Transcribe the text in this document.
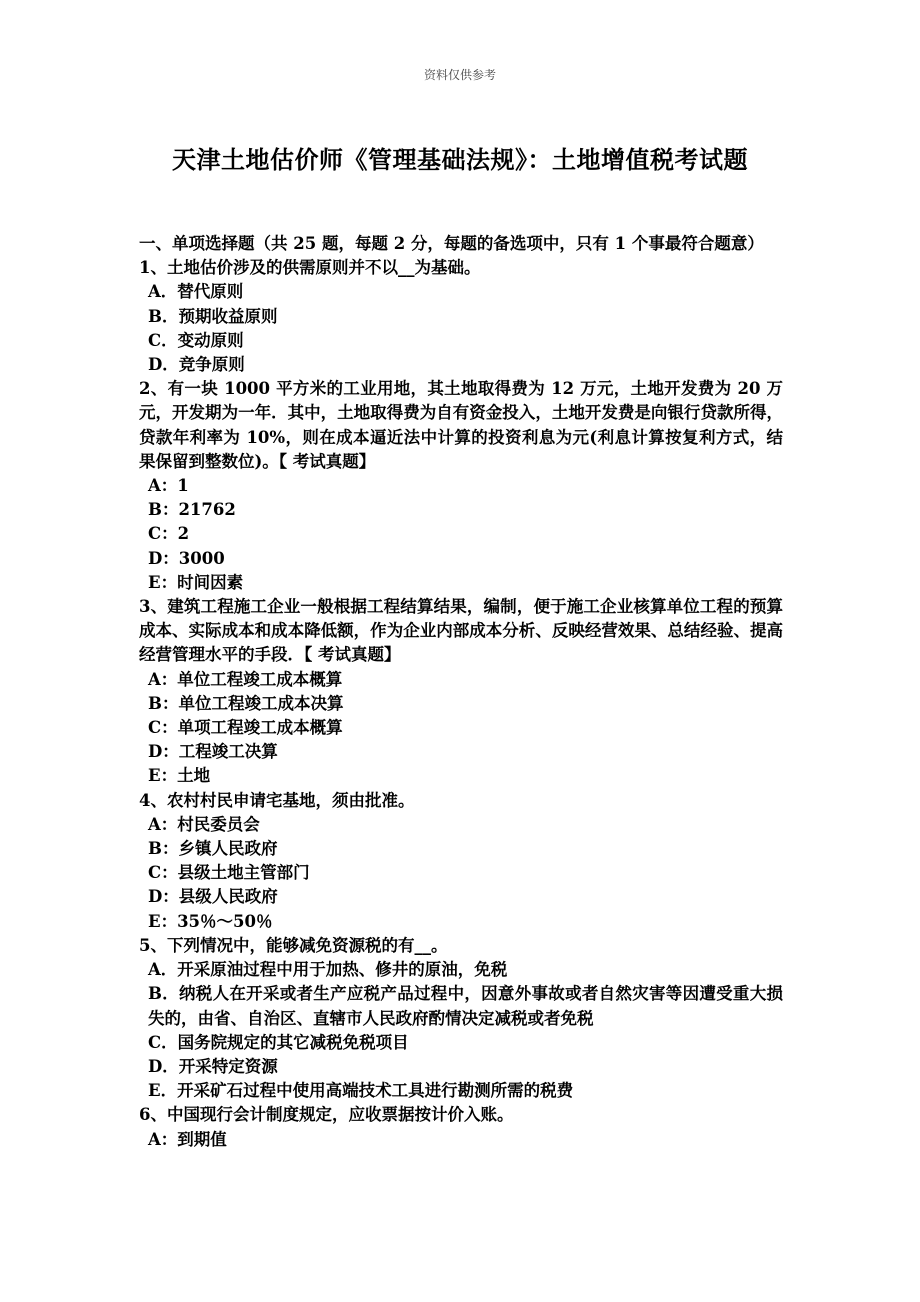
资料仅供参考
天津土地估价师《管理基础法规》：土地增值税考试题
一、单项选择题（共 25 题，每题 2 分，每题的备选项中，只有 1 个事最符合题意）
1、土地估价涉及的供需原则并不以__为基础。
A．替代原则
B．预期收益原则
C．变动原则
D．竞争原则
2、有一块 1000 平方米的工业用地，其土地取得费为 12 万元，土地开发费为 20 万元，开发期为一年．其中，土地取得费为自有资金投入，土地开发费是向银行贷款所得，贷款年利率为 10%，则在成本逼近法中计算的投资利息为元(利息计算按复利方式，结果保留到整数位)。【 考试真题】
A：1
B：21762
C：2
D：3000
E：时间因素
3、建筑工程施工企业一般根据工程结算结果，编制，便于施工企业核算单位工程的预算成本、实际成本和成本降低额，作为企业内部成本分析、反映经营效果、总结经验、提高经营管理水平的手段．【 考试真题】
A：单位工程竣工成本概算
B：单位工程竣工成本决算
C：单项工程竣工成本概算
D：工程竣工决算
E：土地
4、农村村民申请宅基地，须由批准。
A：村民委员会
B：乡镇人民政府
C：县级土地主管部门
D：县级人民政府
E：35％～50％
5、下列情况中，能够减免资源税的有__。
A．开采原油过程中用于加热、修井的原油，免税
B．纳税人在开采或者生产应税产品过程中，因意外事故或者自然灾害等因遭受重大损失的，由省、自治区、直辖市人民政府酌情决定减税或者免税
C．国务院规定的其它减税免税项目
D．开采特定资源
E．开采矿石过程中使用高端技术工具进行勘测所需的税费
6、中国现行会计制度规定，应收票据按计价入账。
A：到期值
